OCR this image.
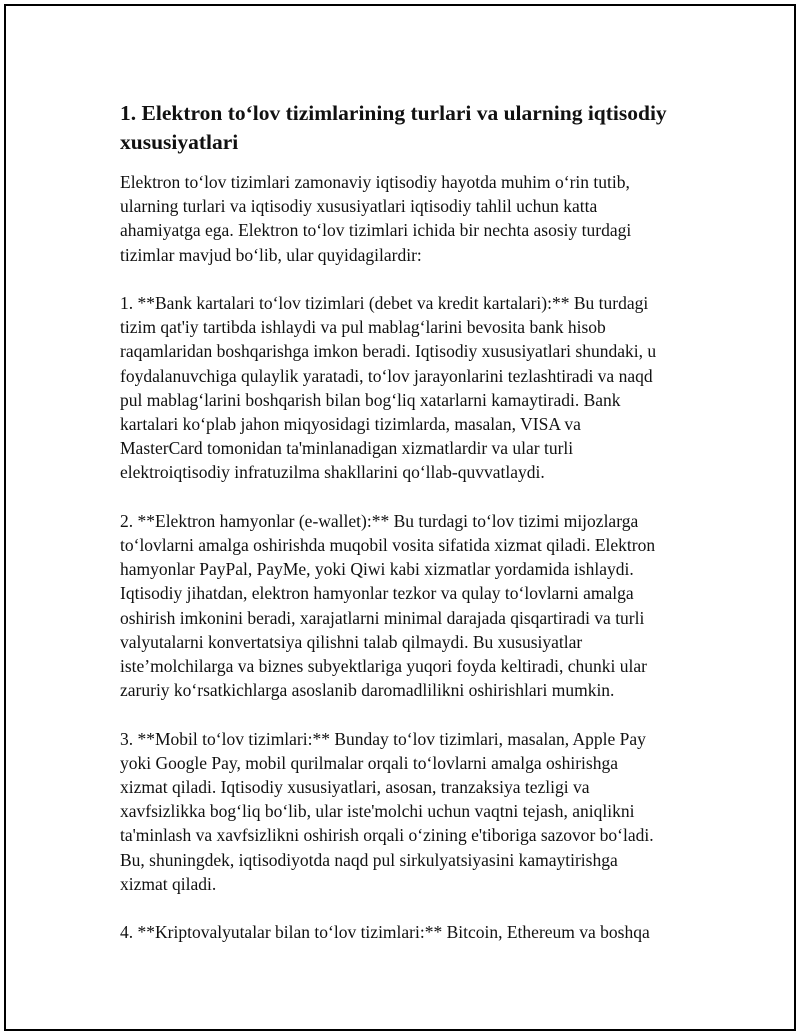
1. Elektron to‘lov tizimlarining turlari va ularning iqtisodiy
xususiyatlari

Elektron to‘lov tizimlari zamonaviy iqtisodiy hayotda muhim o‘rin tutib,
ularning turlari va iqtisodiy xususiyatlari iqtisodiy tahlil uchun katta
ahamiyatga ega. Elektron to‘lov tizimlari ichida bir nechta asosiy turdagi
tizimlar mavjud bo‘lib, ular quyidagilardir:

1. **Bank kartalari to‘lov tizimlari (debet va kredit kartalari):** Bu turdagi
tizim qat'iy tartibda ishlaydi va pul mablag‘larini bevosita bank hisob
raqamlaridan boshqarishga imkon beradi. Iqtisodiy xususiyatlari shundaki, u
foydalanuvchiga qulaylik yaratadi, to‘lov jarayonlarini tezlashtiradi va naqd
pul mablag‘larini boshqarish bilan bog‘liq xatarlarni kamaytiradi. Bank
kartalari ko‘plab jahon miqyosidagi tizimlarda, masalan, VISA va
MasterCard tomonidan ta'minlanadigan xizmatlardir va ular turli
elektroiqtisodiy infratuzilma shakllarini qo‘llab-quvvatlaydi.

2. **Elektron hamyonlar (e-wallet):** Bu turdagi to‘lov tizimi mijozlarga
to‘lovlarni amalga oshirishda muqobil vosita sifatida xizmat qiladi. Elektron
hamyonlar PayPal, PayMe, yoki Qiwi kabi xizmatlar yordamida ishlaydi.
Iqtisodiy jihatdan, elektron hamyonlar tezkor va qulay to‘lovlarni amalga
oshirish imkonini beradi, xarajatlarni minimal darajada qisqartiradi va turli
valyutalarni konvertatsiya qilishni talab qilmaydi. Bu xususiyatlar
iste’molchilarga va biznes subyektlariga yuqori foyda keltiradi, chunki ular
zaruriy ko‘rsatkichlarga asoslanib daromadlilikni oshirishlari mumkin.

3. **Mobil to‘lov tizimlari:** Bunday to‘lov tizimlari, masalan, Apple Pay
yoki Google Pay, mobil qurilmalar orqali to‘lovlarni amalga oshirishga
xizmat qiladi. Iqtisodiy xususiyatlari, asosan, tranzaksiya tezligi va
xavfsizlikka bog‘liq bo‘lib, ular iste'molchi uchun vaqtni tejash, aniqlikni
ta'minlash va xavfsizlikni oshirish orqali o‘zining e'tiboriga sazovor bo‘ladi.
Bu, shuningdek, iqtisodiyotda naqd pul sirkulyatsiyasini kamaytirishga
xizmat qiladi.

4. **Kriptovalyutalar bilan to‘lov tizimlari:** Bitcoin, Ethereum va boshqa
